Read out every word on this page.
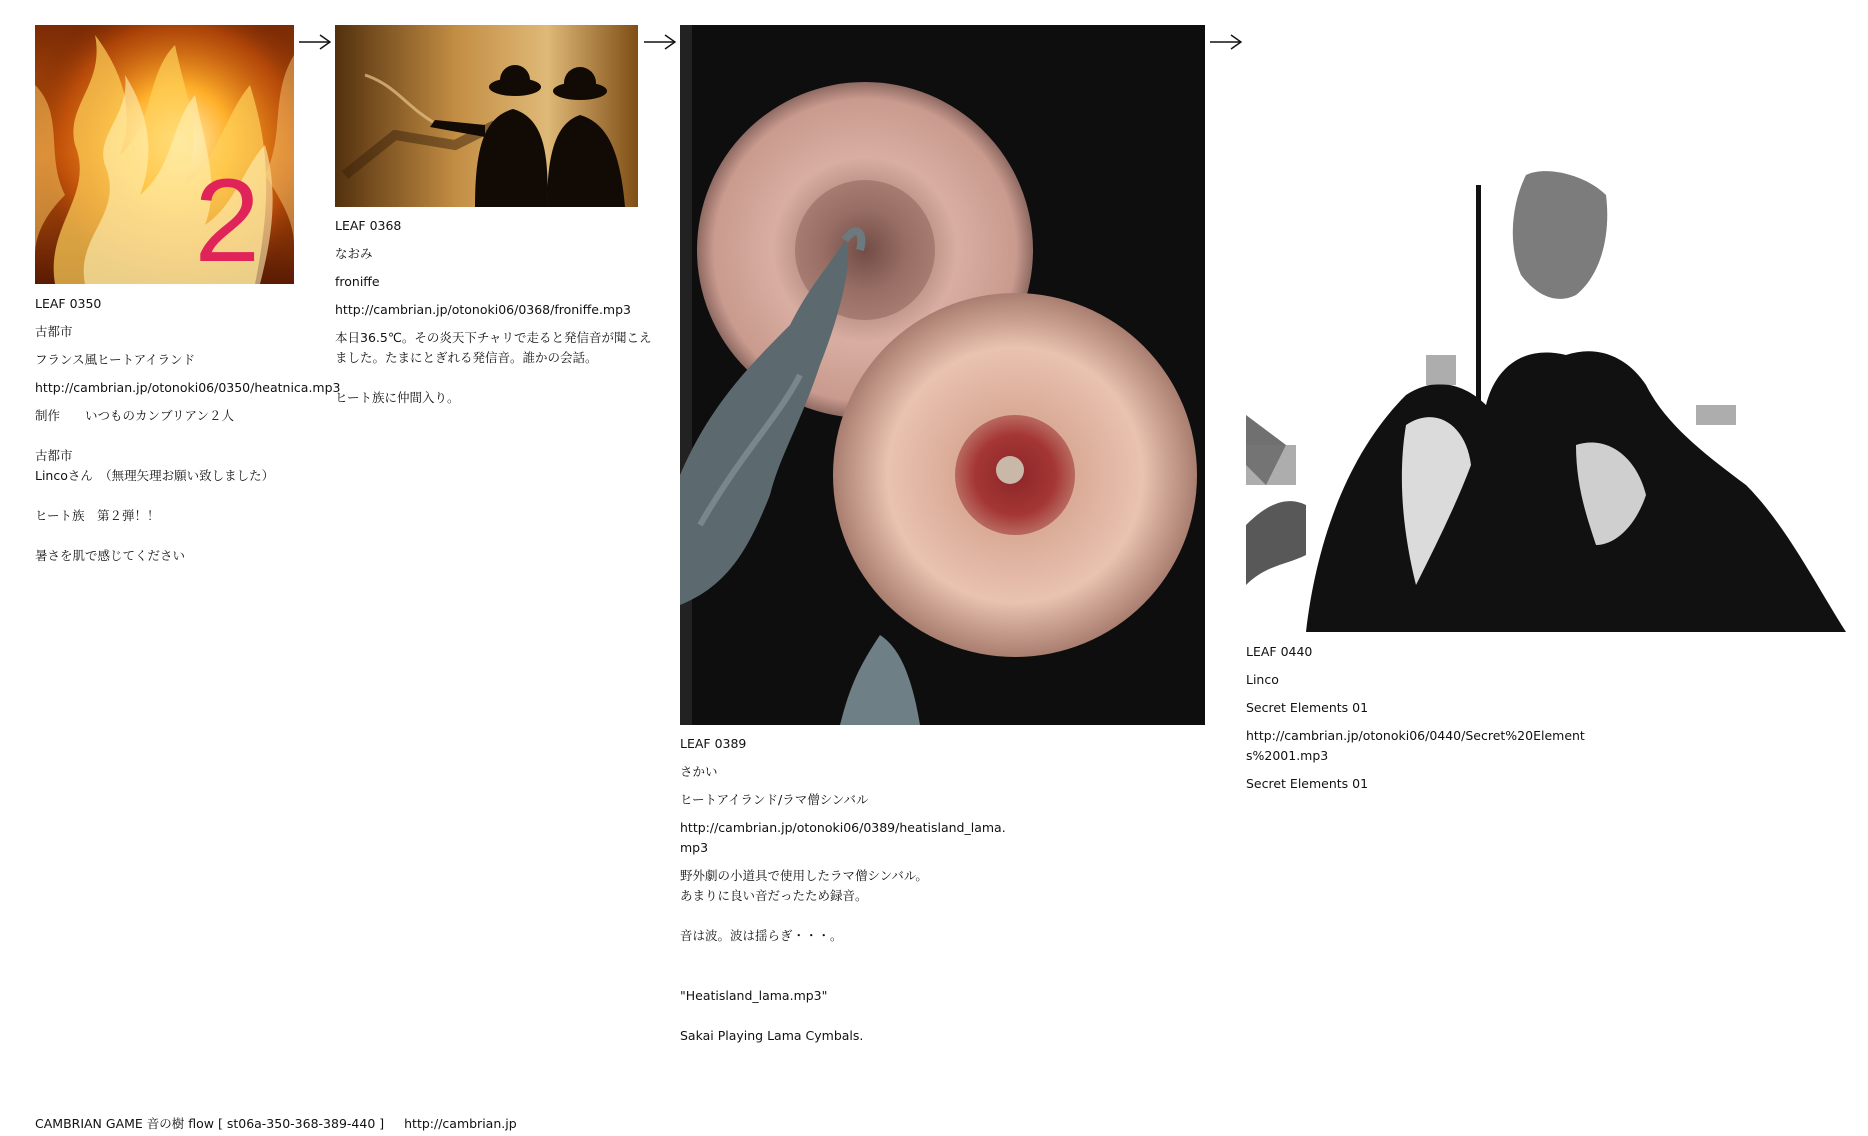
2
LEAF 0350
古都市
フランス風ヒートアイランド
http://cambrian.jp/otonoki06/0350/heatnica.mp3
制作　　いつものカンブリアン２人
古都市
Lincoさん　（無理矢理お願い致しました）
ヒート族　第２弾！！
暑さを肌で感じてください
LEAF 0368
なおみ
froniffe
http://cambrian.jp/otonoki06/0368/froniffe.mp3
本日36.5℃。その炎天下チャリで走ると発信音が聞こえ
ました。たまにとぎれる発信音。誰かの会話。
ヒート族に仲間入り。
LEAF 0389
さかい
ヒートアイランド/ラマ僧シンバル
http://cambrian.jp/otonoki06/0389/heatisland_lama.
mp3
野外劇の小道具で使用したラマ僧シンバル。
あまりに良い音だったため録音。
音は波。波は揺らぎ・・・。
"Heatisland_lama.mp3"
Sakai Playing Lama Cymbals.
LEAF 0440
Linco
Secret Elements 01
http://cambrian.jp/otonoki06/0440/Secret%20Element
s%2001.mp3
Secret Elements 01
CAMBRIAN GAME 音の樹 flow [ st06a-350-368-389-440 ] http://cambrian.jp
